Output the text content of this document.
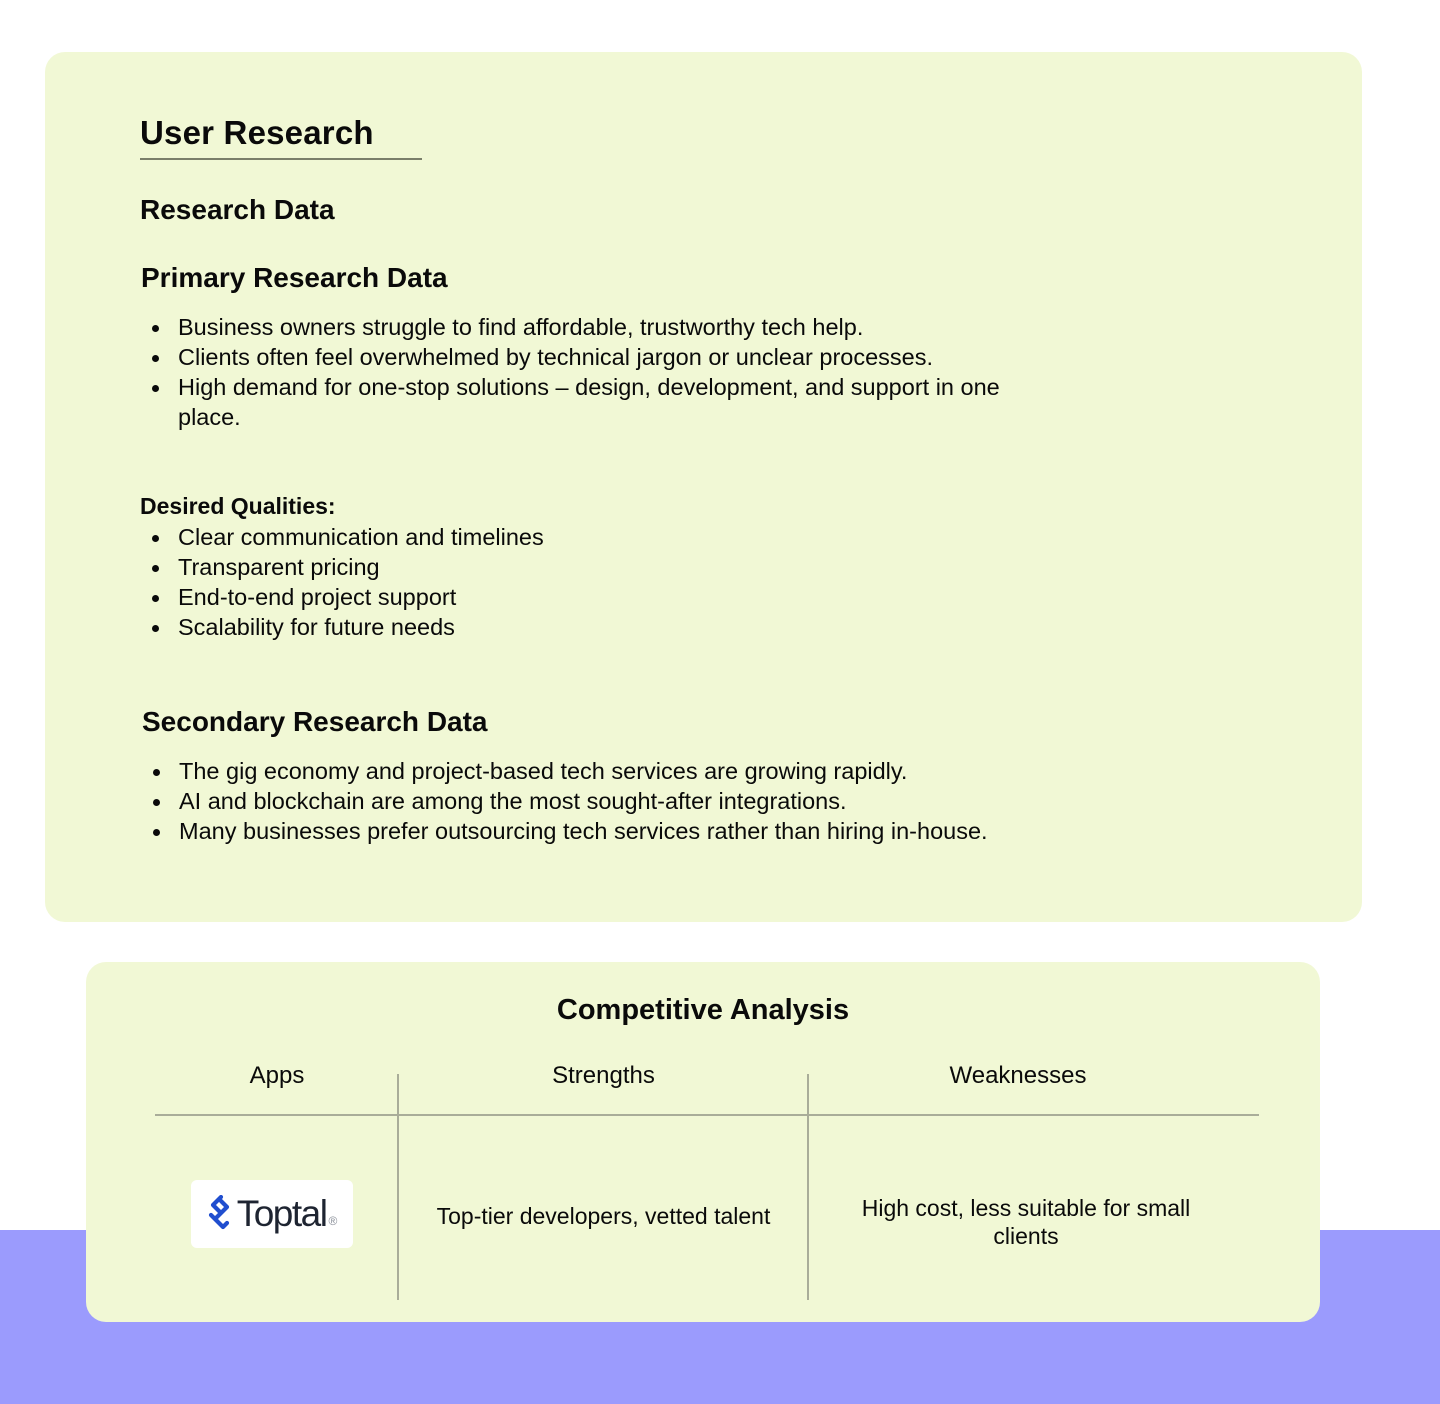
User Research
Research Data
Primary Research Data
Business owners struggle to find affordable, trustworthy tech help.
Clients often feel overwhelmed by technical jargon or unclear processes.
High demand for one-stop solutions – design, development, and support in one place.
Desired Qualities:
Clear communication and timelines
Transparent pricing
End-to-end project support
Scalability for future needs
Secondary Research Data
The gig economy and project-based tech services are growing rapidly.
AI and blockchain are among the most sought-after integrations.
Many businesses prefer outsourcing tech services rather than hiring in-house.
Competitive Analysis
Apps	Strengths	Weaknesses
Toptal ®	Top-tier developers, vetted talent	High cost, less suitable for small clients
